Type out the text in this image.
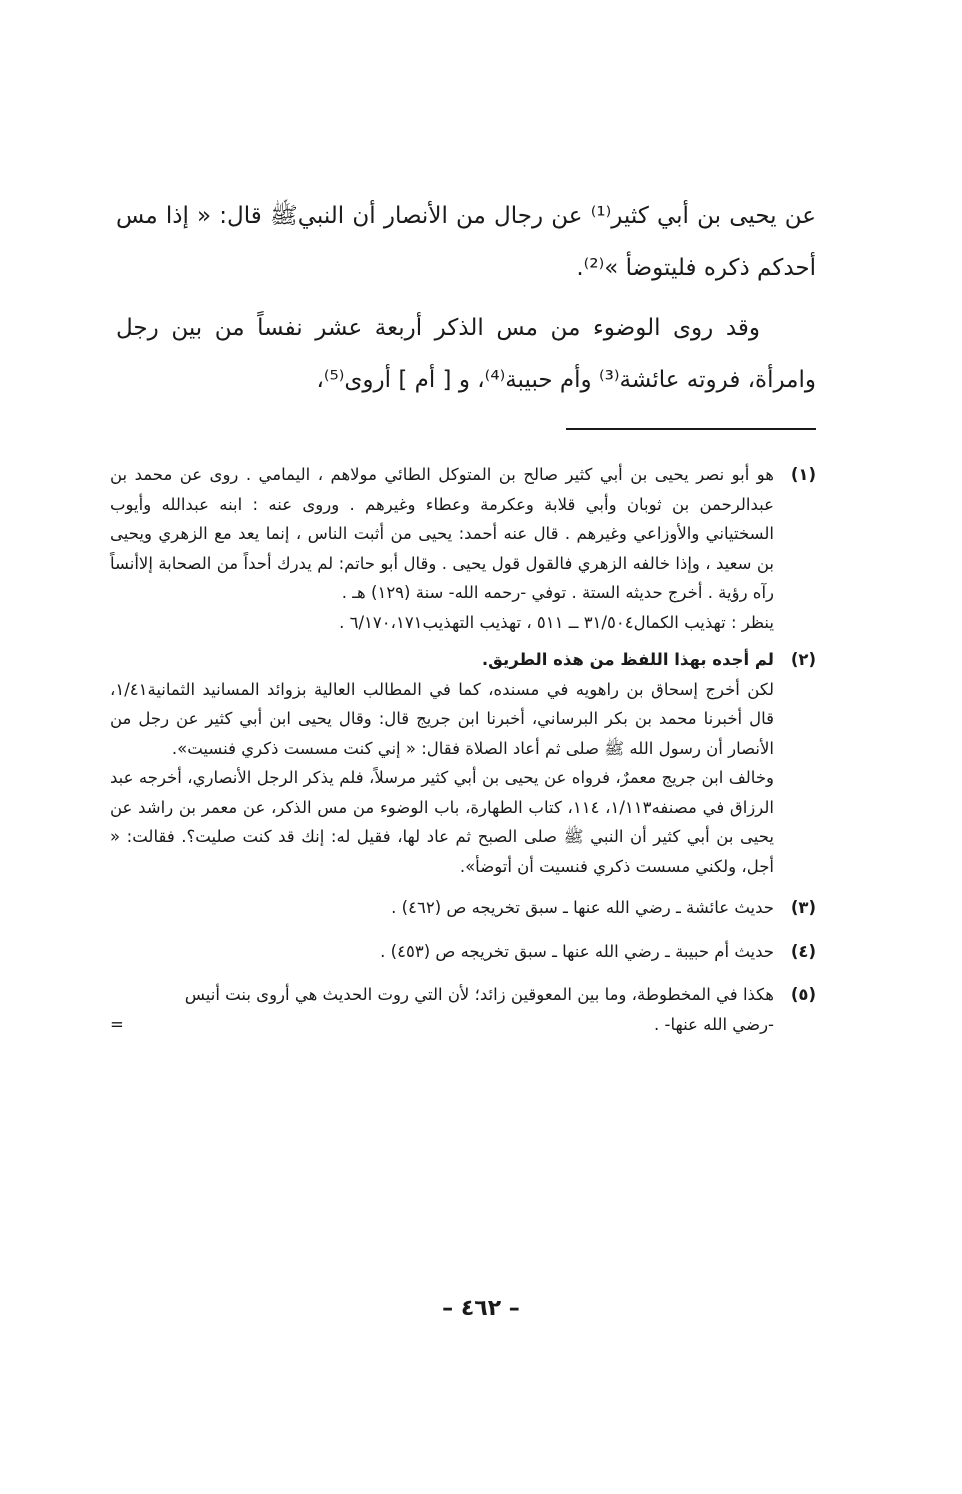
عن يحيى بن أبي كثير⁽¹⁾ عن رجال من الأنصار أن النبيﷺ قال: « إذا مس أحدكم ذكره فليتوضأ »⁽²⁾.

وقد روى الوضوء من مس الذكر أربعة عشر نفساً من بين رجل وامرأة، فروته عائشة⁽³⁾ وأم حبيبة⁽⁴⁾، و [ أم ] أروى⁽⁵⁾،

(١)
هو أبو نصر يحيى بن أبي كثير صالح بن المتوكل الطائي مولاهم ، اليمامي . روى عن محمد بن عبدالرحمن بن ثوبان وأبي قلابة وعكرمة وعطاء وغيرهم . وروى عنه : ابنه عبدالله وأيوب السختياني والأوزاعي وغيرهم . قال عنه أحمد: يحيى من أثبت الناس ، إنما يعد مع الزهري ويحيى بن سعيد ، وإذا خالفه الزهري فالقول قول يحيى . وقال أبو حاتم: لم يدرك أحداً من الصحابة إلاأنساً رآه رؤية . أخرج حديثه الستة . توفي -رحمه الله- سنة (١٢٩) هـ .
ينظر : تهذيب الكمال٣١/٥٠٤ ــ ٥١١ ، تهذيب التهذيب٦/١٧٠،١٧١ .
(٢)
لم أجده بهذا اللفظ من هذه الطريق.
لكن أخرج إسحاق بن راهويه في مسنده، كما في المطالب العالية بزوائد المسانيد الثمانية١/٤١، قال أخبرنا محمد بن بكر البرساني، أخبرنا ابن جريج قال: وقال يحيى ابن أبي كثير عن رجل من الأنصار أن رسول الله ﷺ صلى ثم أعاد الصلاة فقال: « إني كنت مسست ذكري فنسيت».
وخالف ابن جريج معمرٌ، فرواه عن يحيى بن أبي كثير مرسلاً، فلم يذكر الرجل الأنصاري، أخرجه عبد الرزاق في مصنفه١/١١٣، ١١٤، كتاب الطهارة، باب الوضوء من مس الذكر، عن معمر بن راشد عن يحيى بن أبي كثير أن النبي ﷺ صلى الصبح ثم عاد لها، فقيل له: إنك قد كنت صليت؟. فقالت: « أجل، ولكني مسست ذكري فنسيت أن أتوضأ».
(٣)
حديث عائشة ـ رضي الله عنها ـ سبق تخريجه ص (٤٦٢) .
(٤)
حديث أم حبيبة ـ رضي الله عنها ـ سبق تخريجه ص (٤٥٣) .
(٥)
هكذا في المخطوطة، وما بين المعوقين زائد؛ لأن التي روت الحديث هي أروى بنت أنيس
-رضي الله عنها- .
=
– ٤٦٢ –
